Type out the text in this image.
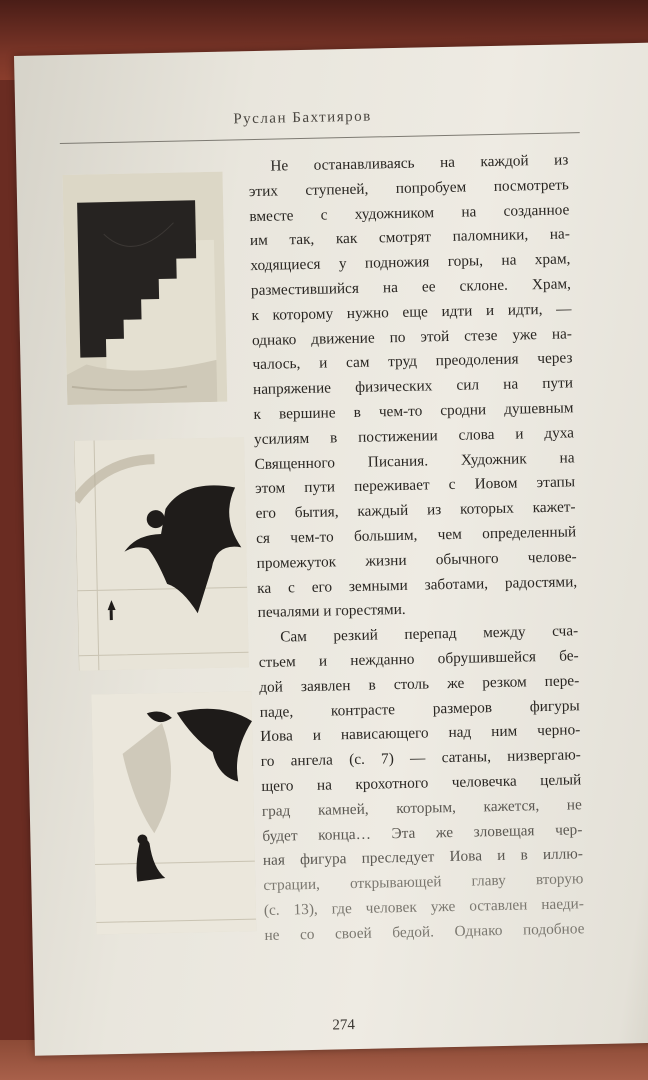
Руслан Бахтияров
Не останавливаясь на каждой из
этих ступеней, попробуем посмотреть
вместе с художником на созданное
им так, как смотрят паломники, на-
ходящиеся у подножия горы, на храм,
разместившийся на ее склоне. Храм,
к которому нужно еще идти и идти, —
однако движение по этой стезе уже на-
чалось, и сам труд преодоления через
напряжение физических сил на пути
к вершине в чем-то сродни душевным
усилиям в постижении слова и духа
Священного Писания. Художник на
этом пути переживает с Иовом этапы
его бытия, каждый из которых кажет-
ся чем-то большим, чем определенный
промежуток жизни обычного челове-
ка с его земными заботами, радостями,
печалями и горестями.
Сам резкий перепад между сча-
стьем и нежданно обрушившейся бе-
дой заявлен в столь же резком пере-
паде, контрасте размеров фигуры
Иова и нависающего над ним черно-
го ангела (с. 7) — сатаны, низвергаю-
щего на крохотного человечка целый
град камней, которым, кажется, не
будет конца… Эта же зловещая чер-
ная фигура преследует Иова и в иллю-
страции, открывающей главу вторую
(с. 13), где человек уже оставлен наеди-
не со своей бедой. Однако подобное
274
